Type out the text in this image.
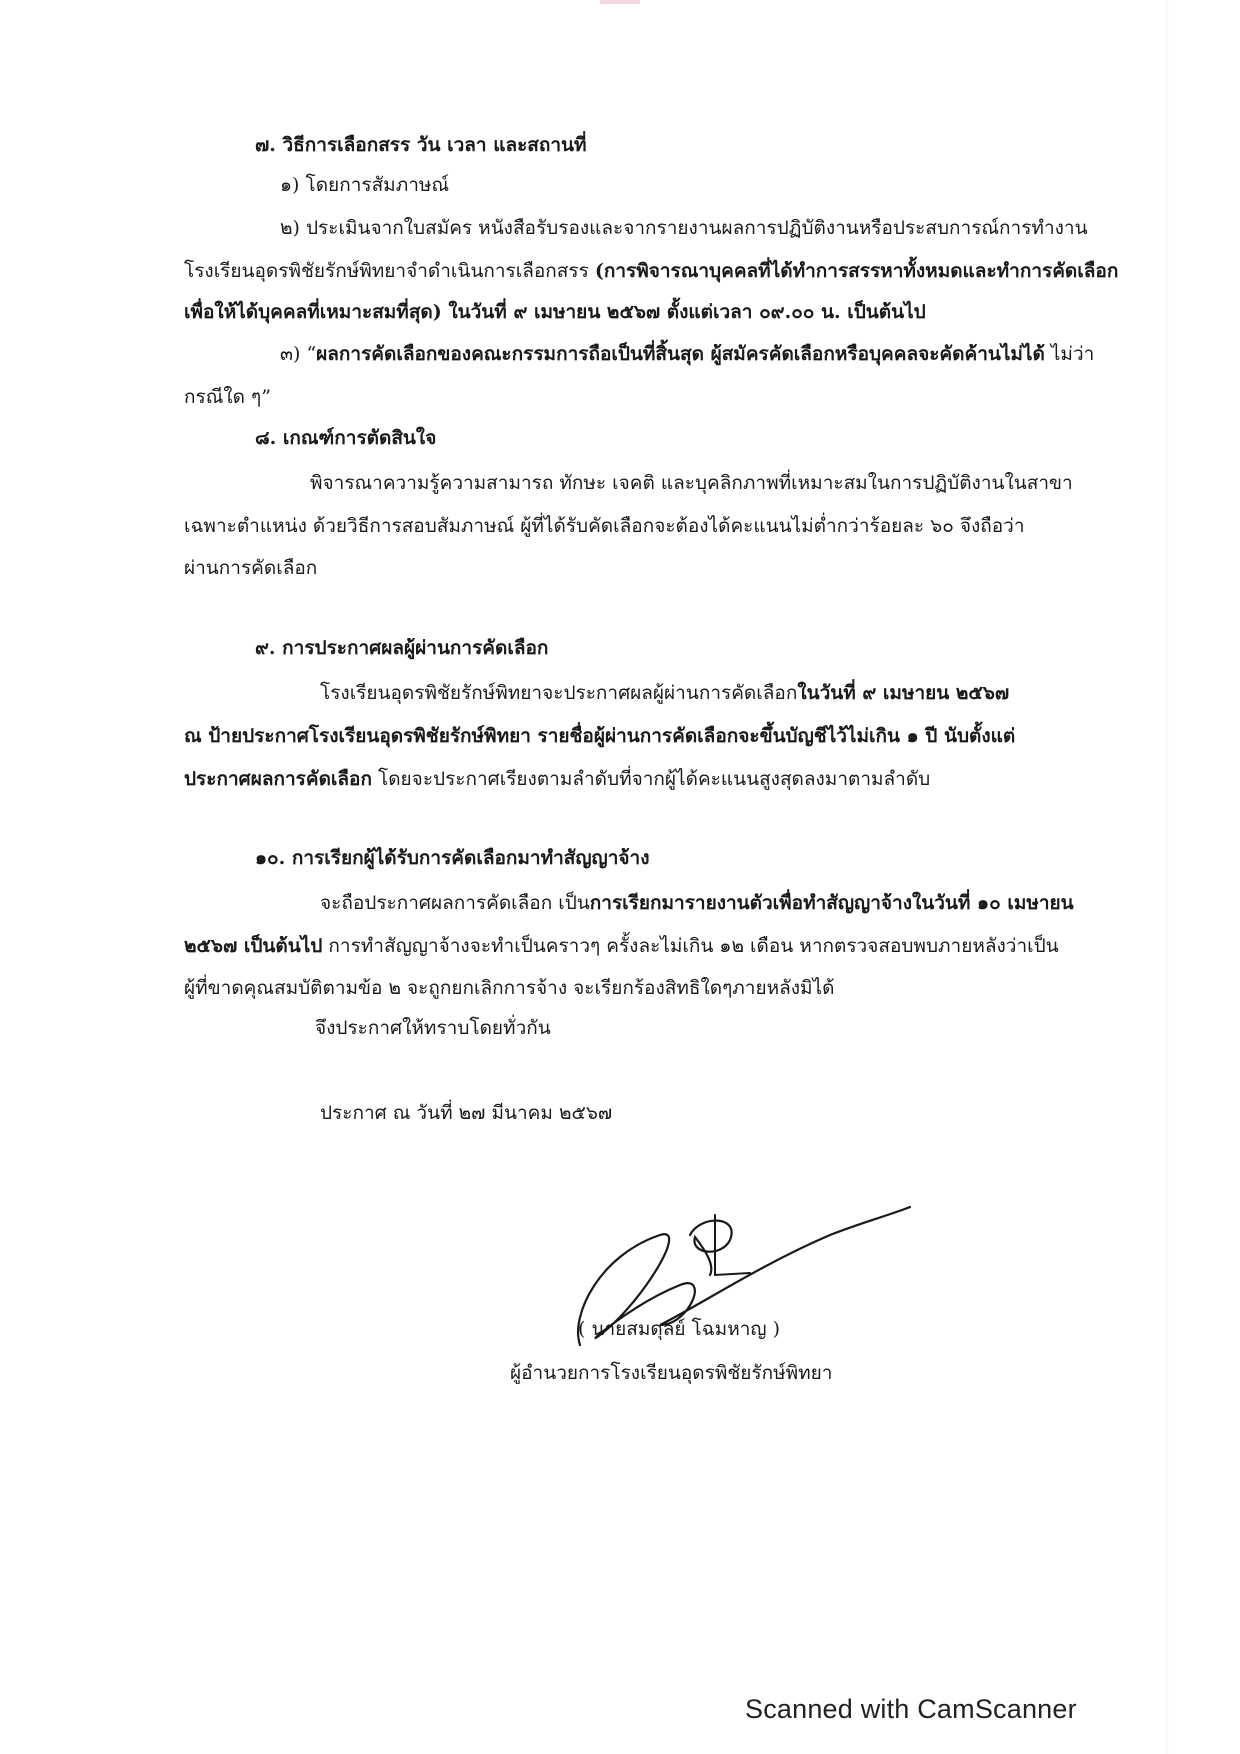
๗. วิธีการเลือกสรร วัน เวลา และสถานที่
๑) โดยการสัมภาษณ์
๒) ประเมินจากใบสมัคร หนังสือรับรองและจากรายงานผลการปฏิบัติงานหรือประสบการณ์การทำงาน
โรงเรียนอุดรพิชัยรักษ์พิทยาจำดำเนินการเลือกสรร (การพิจารณาบุคคลที่ได้ทำการสรรหาทั้งหมดและทำการคัดเลือก
เพื่อให้ได้บุคคลที่เหมาะสมที่สุด) ในวันที่ ๙ เมษายน ๒๕๖๗ ตั้งแต่เวลา ๐๙.๐๐ น. เป็นต้นไป
๓) “ผลการคัดเลือกของคณะกรรมการถือเป็นที่สิ้นสุด ผู้สมัครคัดเลือกหรือบุคคลจะคัดค้านไม่ได้ ไม่ว่า
กรณีใด ๆ”
๘. เกณฑ์การตัดสินใจ
พิจารณาความรู้ความสามารถ ทักษะ เจคติ และบุคลิกภาพที่เหมาะสมในการปฏิบัติงานในสาขา
เฉพาะตำแหน่ง ด้วยวิธีการสอบสัมภาษณ์ ผู้ที่ได้รับคัดเลือกจะต้องได้คะแนนไม่ต่ำกว่าร้อยละ ๖๐ จึงถือว่า
ผ่านการคัดเลือก
๙. การประกาศผลผู้ผ่านการคัดเลือก
โรงเรียนอุดรพิชัยรักษ์พิทยาจะประกาศผลผู้ผ่านการคัดเลือกในวันที่ ๙ เมษายน ๒๕๖๗
ณ ป้ายประกาศโรงเรียนอุดรพิชัยรักษ์พิทยา รายชื่อผู้ผ่านการคัดเลือกจะขึ้นบัญชีไว้ไม่เกิน ๑ ปี นับตั้งแต่
ประกาศผลการคัดเลือก โดยจะประกาศเรียงตามลำดับที่จากผู้ได้คะแนนสูงสุดลงมาตามลำดับ
๑๐. การเรียกผู้ได้รับการคัดเลือกมาทำสัญญาจ้าง
จะถือประกาศผลการคัดเลือก เป็นการเรียกมารายงานตัวเพื่อทำสัญญาจ้างในวันที่ ๑๐ เมษายน
๒๕๖๗ เป็นต้นไป การทำสัญญาจ้างจะทำเป็นคราวๆ ครั้งละไม่เกิน ๑๒ เดือน หากตรวจสอบพบภายหลังว่าเป็น
ผู้ที่ขาดคุณสมบัติตามข้อ ๒ จะถูกยกเลิกการจ้าง จะเรียกร้องสิทธิใดๆภายหลังมิได้
จึงประกาศให้ทราบโดยทั่วกัน
ประกาศ ณ วันที่ ๒๗ มีนาคม ๒๕๖๗
( นายสมดุลย์ โฉมหาญ )
ผู้อำนวยการโรงเรียนอุดรพิชัยรักษ์พิทยา
Scanned with CamScanner
